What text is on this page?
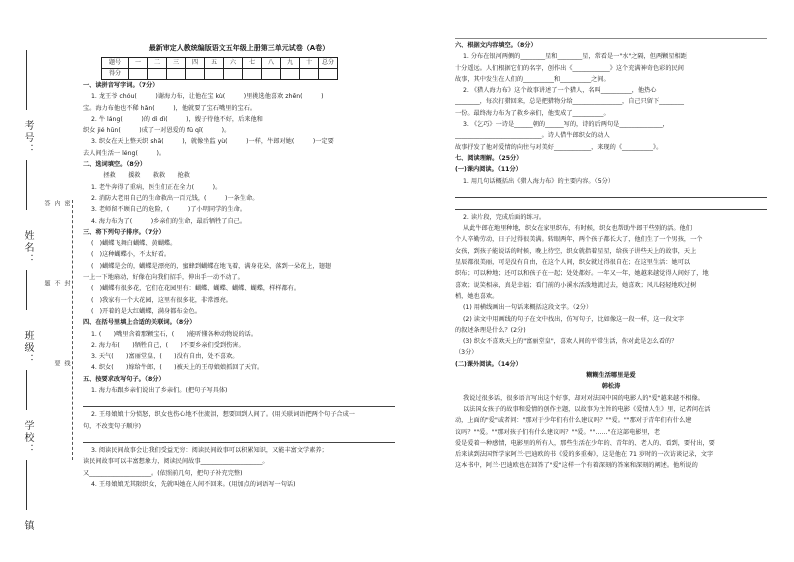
考号：
姓名：
班级：
学校：
镇
密
封
线
内
不
要
答
题
最新审定人教统编版语文五年级上册第三单元试卷（A卷）
题号	一	二	三	四	五	六	七	八	九	十	总分
得分											
一、读拼音写字词。（7分）
1. 龙王爷 chóu(　　　)谢海力布，让他在宝 kù(　　　)里挑选他喜欢 zhēn(　　　)
宝。海力布他也不稀 hǎn(　　　)，他就要了宝石嘴里的宝石。
2. 牛 láng(　　　)的 dì dì(　　　)，嫂子待他不好，后来他和
织女 jié hūn(　　　)成了一对恩爱的 fū qī(　　　)。
3. 织女在天上整天织 shā(　　　)，就像坐监 yù(　　　)一样，牛郎对她(　　　)一定要
去人间生活一 léng(　　　)。
二、选词填空。（8分）
　　拯救　　援救　　救救　　抢救
1. 老牛奔得了重病，医生们正在全力(　　　)。
2. 消防大老用自己的生命救出一百元钱，(　　　)一条生命。
3. 老师留不顾自己的危险，(　　　)了小明同学的生命。
4. 海力布为了(　　　)乡亲们的生命，最后牺牲了自己。
三、将下列句子排序。（7分）
(　)蝴蝶飞舞白蝴蝶、黄蝴蝶。
(　)这种蝴蝶小，不太好看。
(　)蝴蝶是会的，蝴蝶是漂亮的，蜜蜂到蝴蝶在地飞着，满身花朵，落到一朵花上，翅翅
一上一下地扇动，好像在向我们招手，伸出手一动不动了。
(　)蝴蝶有很多花，它们在花园里有：蝴蝶、蝴蝶、蝴蝶、蝴蝶，样样都有。
(　)我家有一个大花园，这里有很多花，非常漂亮。
(　)开着的是大红蝴蝶，满身都布金色。
四、在括号里填上合适的关联词。（8分）
1. (　　)嘴里含着那颗宝石，(　　)能听懂各种动物说的话。
2. 海力布(　　)牺牲自己，(　　)不要乡亲们受到伤害。
3. 天气(　　)富丽堂皇，(　　)没有自由，处不喜欢。
4. 织女(　　)嫁给牛郎，(　　)被天上的王母娘娘抓回了天宫。
五、按要求改写句子。（8分）
1. 海力布跟乡亲们说出了乡亲们。(把句子写具体)
2. 王母娘娘十分愤怒，织女也伤心地不住流泪，想要回到人间了。(用关联词语把两个句子合成一
句，不改变句子顺序)
3. 阅读民间故事会让我们受益无穷：阅读民间故事可以积累知识，又能丰富文学素养；
读民间故事可以丰富想象力，阅读民间故事____________________。
又____________________。(依照前几句，把句子补充完整)
4. 王母娘娘无其限织女，先就叫她在人间不回来。(用加点的词语写一句话)
六、根据文内容填空。（8分）
1. 分布在银河两侧的________星和________星，常看是一"水"之隔，但两颗星相距
十分遥远。人们根据它们的名字，创作出《____________》这个充满神奇色彩的民间
故事，其中发生在人们的__________和__________之间。
2. 《猎人海力布》这个故事讲述了一个猎人，名叫__________，他热心
________，每次打猎回来，总是把猎物分给________________，自己只留下________
一份。最终海力布为了救乡亲们，他变成了__________。
3. 《乞巧》一诗是______朝的______写的，诗的后两句是______________，
____________________________。诗人借牛郎织女的动人
故事抒发了他对爱情的向往与对美好____________，来现的《__________》。
七、阅读理解。（25分）
(一)课内阅读。（11分）
1. 用几句话概括出《猎人海力布》的主要内容。（5分）
2. 读片段，完成后面的练习。
从此牛郎在地里种地，织女在家里织布，有时候，织女也帮助牛郎干些别的活。他们
个人辛勤劳动，日子过得很美满。转眼两年，两个孩子都长大了，他们生了一个男孩，一个
女孩，到孩子能说话的时候，晚上待空，织女就指着星星，给孩子讲些天上的故事，天上
星辰都很美丽，可是没有自由，在这个人间，织女就过得很自在；在这里生活：她可以
织布；可以种地；还可以和孩子在一起；处处都好。一年又一年，她越来越觉得人间好了，地
喜欢；说笑相亲，真是幸福；看门前的小溪水活泼地流过去，她喜欢；风儿轻轻地吹过树
梢，她也喜欢。
(1) 用横线画出一句话来概括这段文字。（2分）
(2) 读文中用画线的句子在文中找出，仿写句子，比如像这一段一样，这一段文字
的叙述条理是什么？(2分)
(3) 织女不喜欢天上的"富丽堂皇"，喜欢人间的平常生活，你对此是怎么看的？
（3分）
(二)课外阅读。（14分）
糊糊生活哪里是爱
韩松涛
我说过很多话，很多语言写出这个好事，却对对法国中国的电影人的"爱"越来越不相像。
以法国女孩子的故事和爱情的创作主题，以故事为主旨的电影《爱情人生》里，记者问在活
动，上面的"爱"或者问："那对于少年们有什么建议吗？""爱。""那对于青年们有什么建
议吗？""爱。""那对孩子们有什么建议吗？""爱。""……"在这部电影里，老
爱是爱着一种感情，电影里的所有人，那些生活在少年的、青年的、老人的、看到，要付出，要
后来读到法国哲学家阿兰·巴迪欧的书《爱的多重奏》，这是他在 71 岁时的一次访谈记录，文字
这本书中，阿兰·巴迪欧也在回答了"爱"这样一个有着深刻的答案和深刻的阐述。他所说的
